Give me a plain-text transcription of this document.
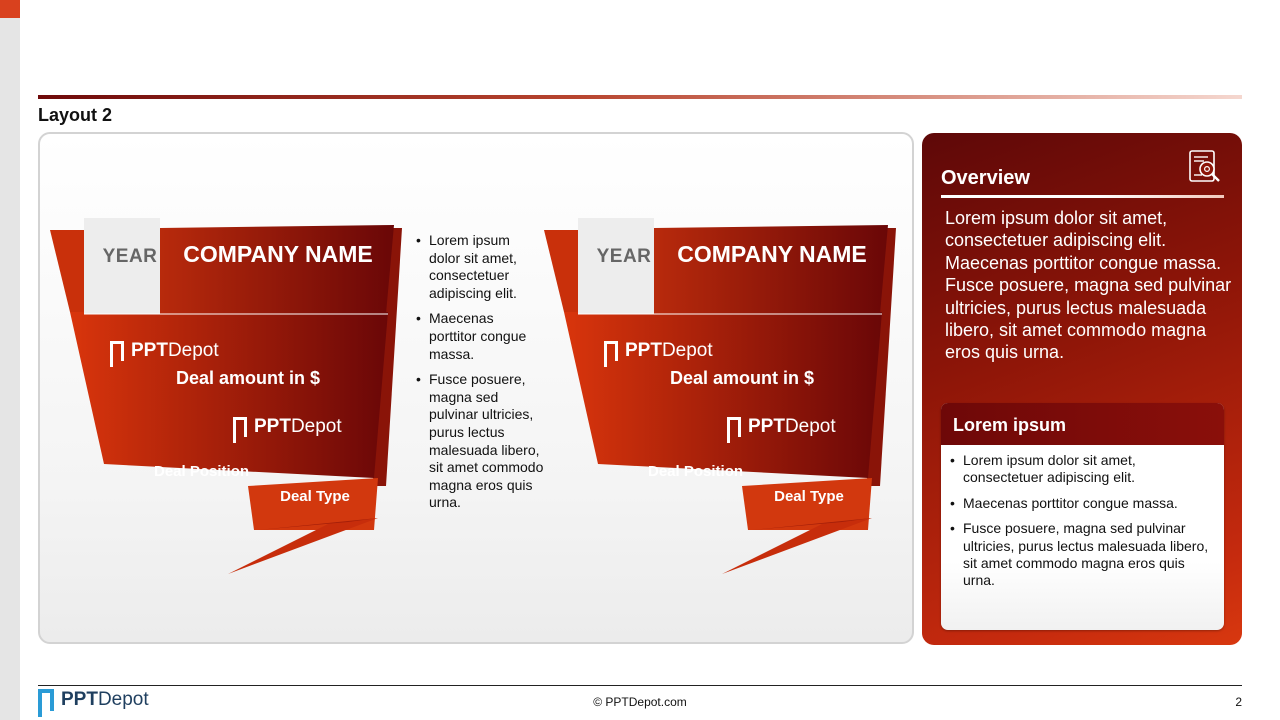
Layout 2
YEAR	COMPANY NAME
PPT Depot
Deal amount in $
PPT Depot
Deal Position
Deal Type
YEAR	COMPANY NAME
PPT Depot
Deal amount in $
PPT Depot
Deal Position
Deal Type
• Lorem ipsum dolor sit amet, consectetuer adipiscing elit.
• Maecenas porttitor congue massa.
• Fusce posuere, magna sed pulvinar ultricies, purus lectus malesuada libero, sit amet commodo magna eros quis urna.
Overview
Lorem ipsum dolor sit amet, consectetuer adipiscing elit. Maecenas porttitor congue massa. Fusce posuere, magna sed pulvinar ultricies, purus lectus malesuada libero, sit amet commodo magna eros quis urna.
Lorem ipsum
• Lorem ipsum dolor sit amet, consectetuer adipiscing elit.
• Maecenas porttitor congue massa.
• Fusce posuere, magna sed pulvinar ultricies, purus lectus malesuada libero, sit amet commodo magna eros quis urna.
PPT Depot	© PPTDepot.com	2
